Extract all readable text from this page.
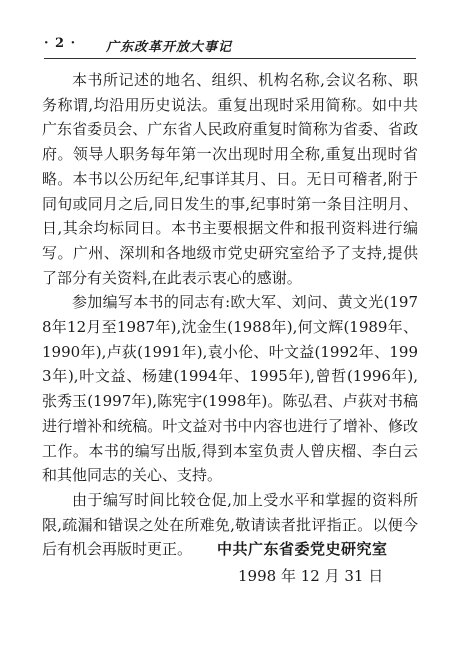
· 2 · 广东改革开放大事记

本书所记述的地名、组织、机构名称,会议名称、职务称谓,均沿用历史说法。重复出现时采用简称。如中共广东省委员会、广东省人民政府重复时简称为省委、省政府。领导人职务每年第一次出现时用全称,重复出现时省略。本书以公历纪年,纪事详其月、日。无日可稽者,附于同旬或同月之后,同日发生的事,纪事时第一条目注明月、日,其余均标同日。本书主要根据文件和报刊资料进行编写。广州、深圳和各地级市党史研究室给予了支持,提供了部分有关资料,在此表示衷心的感谢。

参加编写本书的同志有:欧大军、刘问、黄文光(1978年12月至1987年),沈金生(1988年),何文辉(1989年、1990年),卢荻(1991年),袁小伦、叶文益(1992年、1993年),叶文益、杨建(1994年、1995年),曾哲(1996年),张秀玉(1997年),陈宪宇(1998年)。陈弘君、卢荻对书稿进行增补和统稿。叶文益对书中内容也进行了增补、修改工作。本书的编写出版,得到本室负责人曾庆榴、李白云和其他同志的关心、支持。

由于编写时间比较仓促,加上受水平和掌握的资料所限,疏漏和错误之处在所难免,敬请读者批评指正。以便今后有机会再版时更正。	中共广东省委党史研究室
1998 年 12 月 31 日
